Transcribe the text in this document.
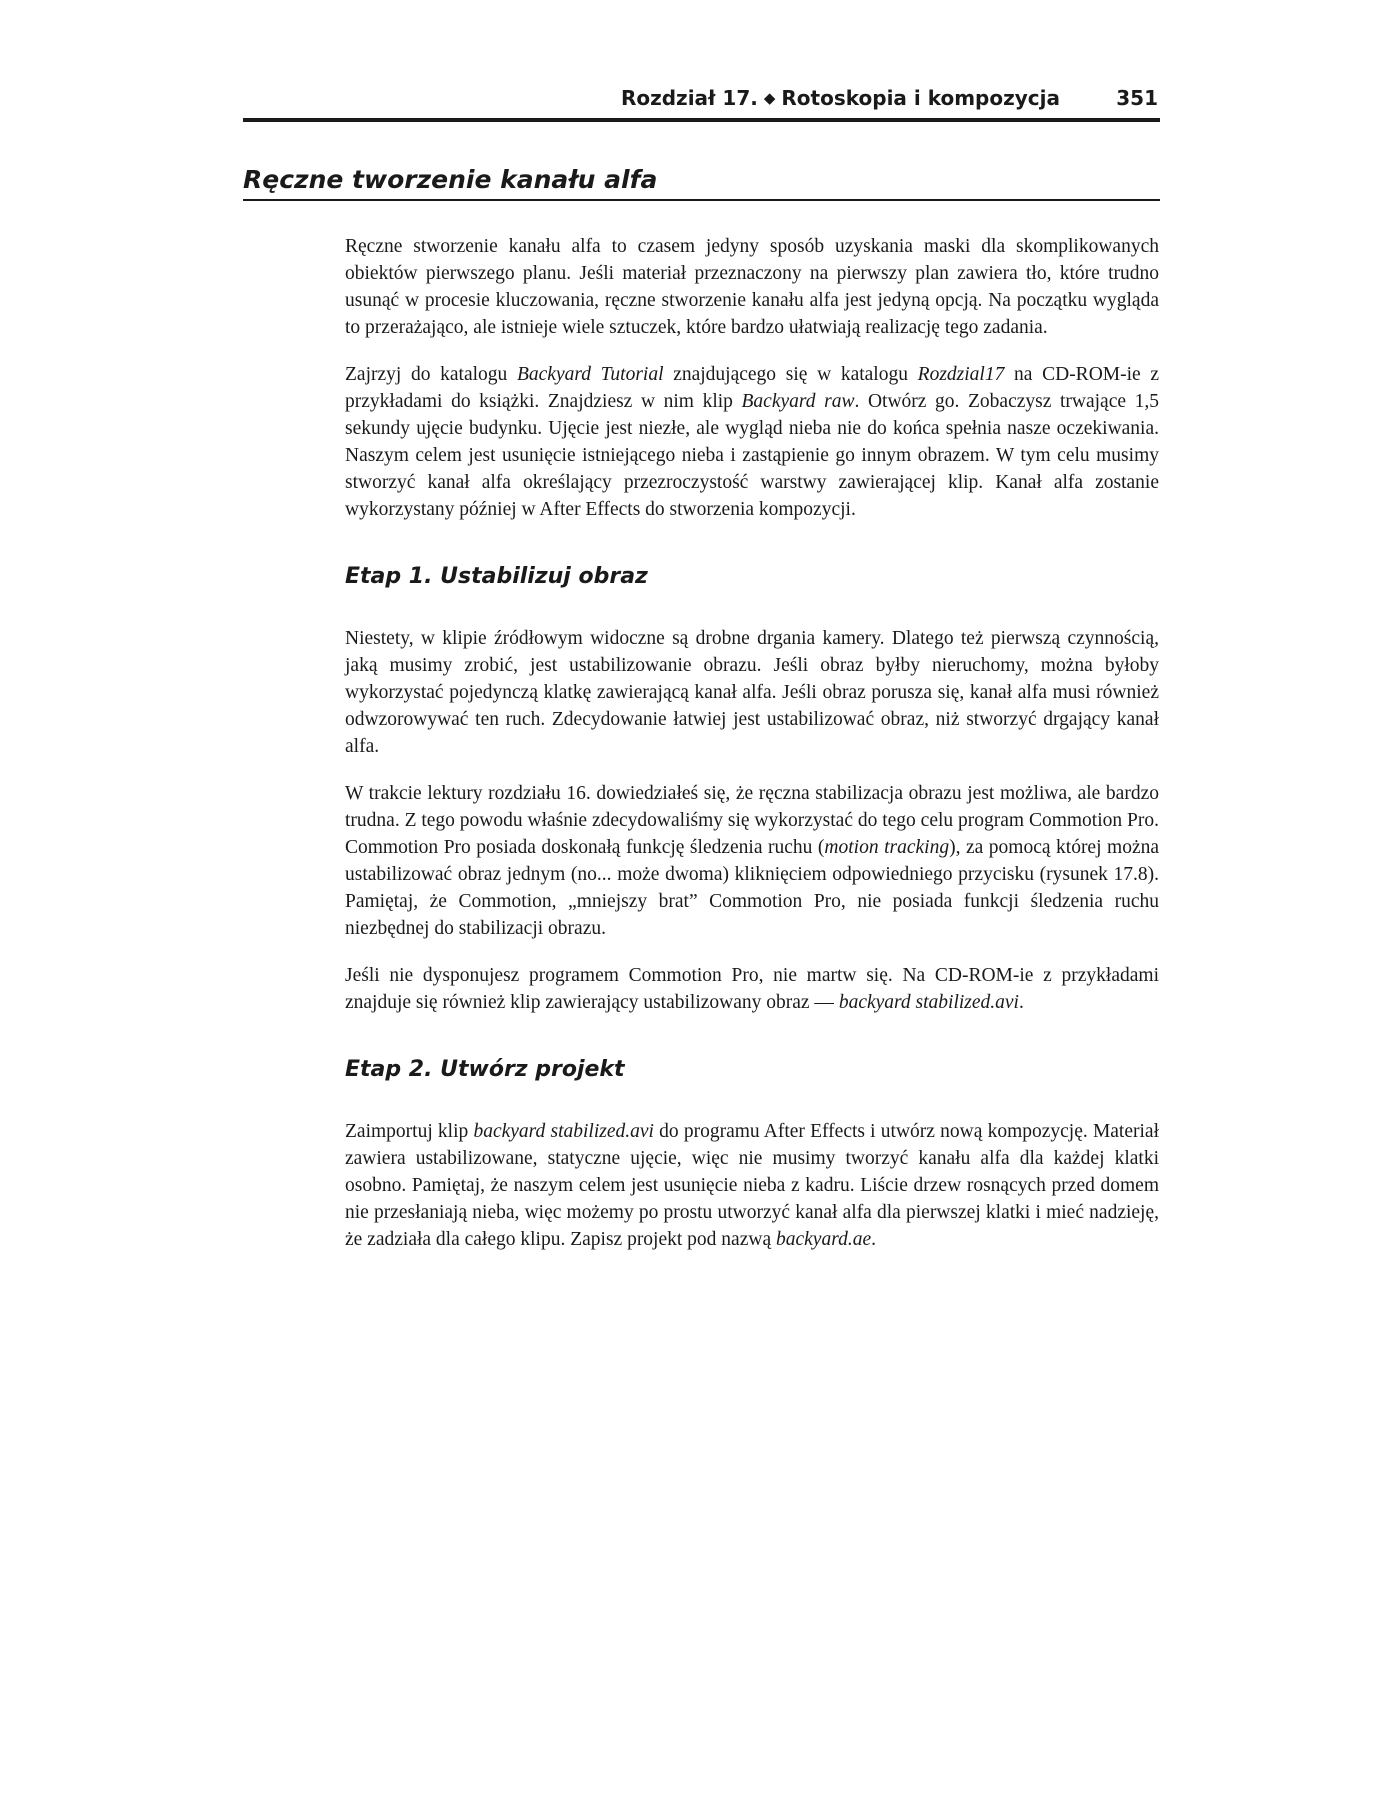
Rozdział 17. ◆ Rotoskopia i kompozycja	351
Ręczne tworzenie kanału alfa

Ręczne stworzenie kanału alfa to czasem jedyny sposób uzyskania maski dla skomplikowanych obiektów pierwszego planu. Jeśli materiał przeznaczony na pierwszy plan zawiera tło, które trudno usunąć w procesie kluczowania, ręczne stworzenie kanału alfa jest jedyną opcją. Na początku wygląda to przerażająco, ale istnieje wiele sztuczek, które bardzo ułatwiają realizację tego zadania.

Zajrzyj do katalogu Backyard Tutorial znajdującego się w katalogu Rozdzial17 na CD-ROM-ie z przykładami do książki. Znajdziesz w nim klip Backyard raw. Otwórz go. Zobaczysz trwające 1,5 sekundy ujęcie budynku. Ujęcie jest niezłe, ale wygląd nieba nie do końca spełnia nasze oczekiwania. Naszym celem jest usunięcie istniejącego nieba i zastąpienie go innym obrazem. W tym celu musimy stworzyć kanał alfa określający przezroczystość warstwy zawierającej klip. Kanał alfa zostanie wykorzystany później w After Effects do stworzenia kompozycji.

Etap 1. Ustabilizuj obraz

Niestety, w klipie źródłowym widoczne są drobne drgania kamery. Dlatego też pierwszą czynnością, jaką musimy zrobić, jest ustabilizowanie obrazu. Jeśli obraz byłby nieruchomy, można byłoby wykorzystać pojedynczą klatkę zawierającą kanał alfa. Jeśli obraz porusza się, kanał alfa musi również odwzorowywać ten ruch. Zdecydowanie łatwiej jest ustabilizować obraz, niż stworzyć drgający kanał alfa.

W trakcie lektury rozdziału 16. dowiedziałeś się, że ręczna stabilizacja obrazu jest możliwa, ale bardzo trudna. Z tego powodu właśnie zdecydowaliśmy się wykorzystać do tego celu program Commotion Pro. Commotion Pro posiada doskonałą funkcję śledzenia ruchu (motion tracking), za pomocą której można ustabilizować obraz jednym (no... może dwoma) kliknięciem odpowiedniego przycisku (rysunek 17.8). Pamiętaj, że Commotion, „mniejszy brat” Commotion Pro, nie posiada funkcji śledzenia ruchu niezbędnej do stabilizacji obrazu.

Jeśli nie dysponujesz programem Commotion Pro, nie martw się. Na CD-ROM-ie z przykładami znajduje się również klip zawierający ustabilizowany obraz — backyard stabilized.avi.

Etap 2. Utwórz projekt

Zaimportuj klip backyard stabilized.avi do programu After Effects i utwórz nową kompozycję. Materiał zawiera ustabilizowane, statyczne ujęcie, więc nie musimy tworzyć kanału alfa dla każdej klatki osobno. Pamiętaj, że naszym celem jest usunięcie nieba z kadru. Liście drzew rosnących przed domem nie przesłaniają nieba, więc możemy po prostu utworzyć kanał alfa dla pierwszej klatki i mieć nadzieję, że zadziała dla całego klipu. Zapisz projekt pod nazwą backyard.ae.
